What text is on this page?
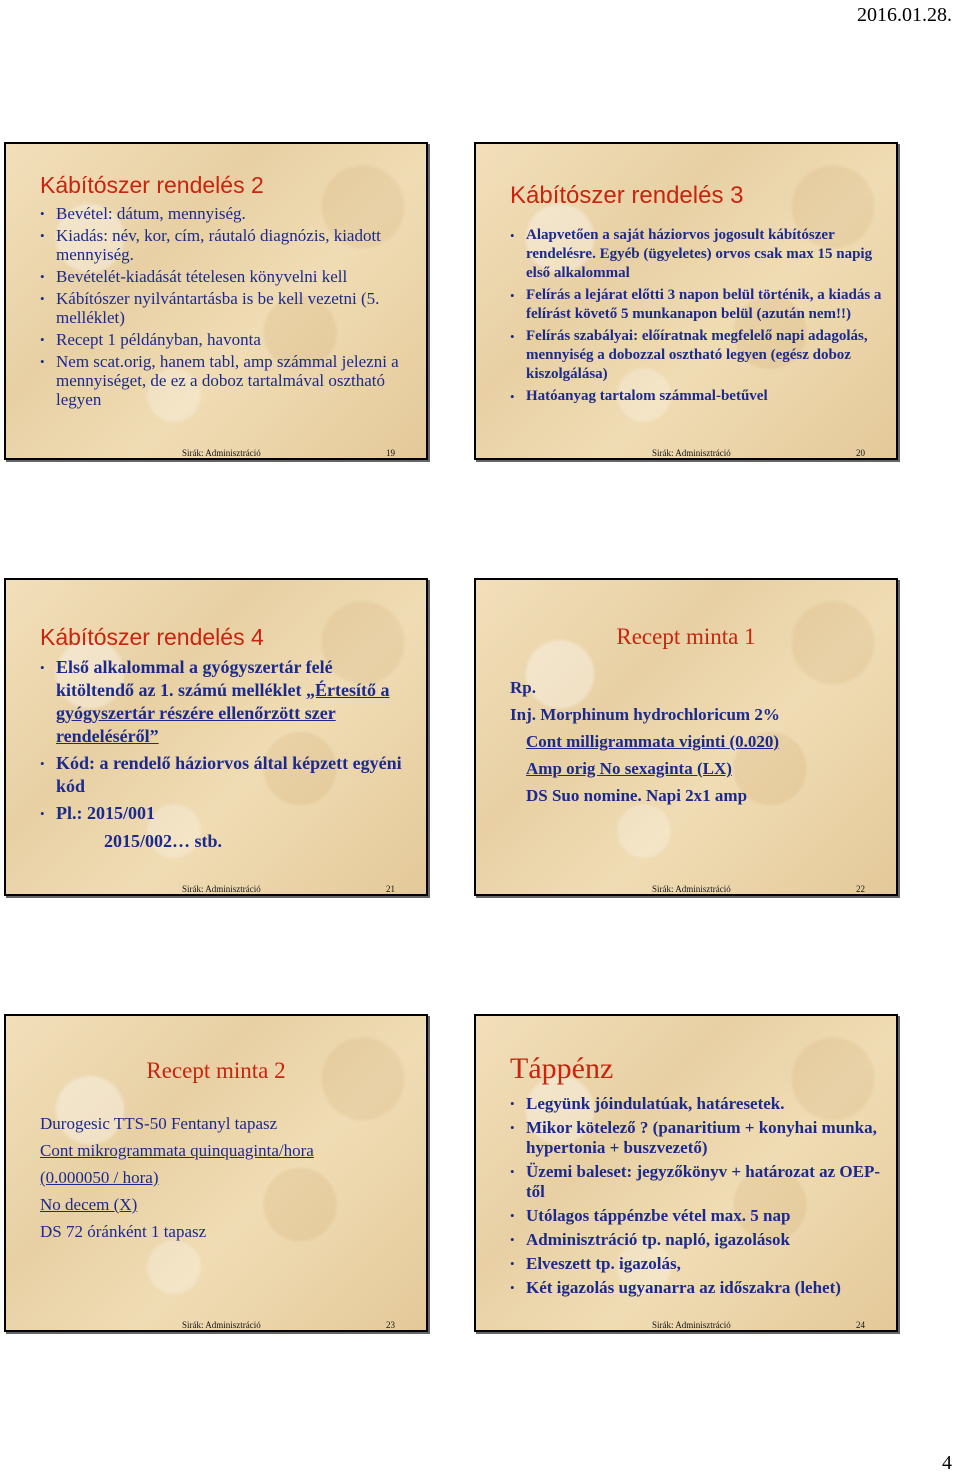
2016.01.28.
Kábítószer rendelés 2
• Bevétel: dátum, mennyiség.
• Kiadás: név, kor, cím, ráutaló diagnózis, kiadott mennyiség.
• Bevételét-kiadását tételesen könyvelni kell
• Kábítószer nyilvántartásba is be kell vezetni (5. melléklet)
• Recept 1 példányban, havonta
• Nem scat.orig, hanem tabl, amp számmal jelezni a mennyiséget, de ez a doboz tartalmával osztható legyen
Sirák: Adminisztráció	19
Kábítószer rendelés 3
• Alapvetően a saját háziorvos jogosult kábítószer rendelésre. Egyéb (ügyeletes) orvos csak max 15 napig első alkalommal
• Felírás a lejárat előtti 3 napon belül történik, a kiadás a felírást követő 5 munkanapon belül (azután nem!!)
• Felírás szabályai: előíratnak megfelelő napi adagolás, mennyiség a dobozzal osztható legyen (egész doboz kiszolgálása)
• Hatóanyag tartalom számmal-betűvel
Sirák: Adminisztráció	20
Kábítószer rendelés 4
• Első alkalommal a gyógyszertár felé kitöltendő az 1. számú melléklet „Értesítő a gyógyszertár részére ellenőrzött szer rendeléséről”
• Kód: a rendelő háziorvos által képzett egyéni kód
• Pl.: 2015/001
2015/002… stb.
Sirák: Adminisztráció	21
Recept minta 1
Rp.
Inj. Morphinum hydrochloricum 2%
Cont milligrammata viginti (0.020)
Amp orig No sexaginta (LX)
DS Suo nomine. Napi 2x1 amp
Sirák: Adminisztráció	22
Recept minta 2
Durogesic TTS-50 Fentanyl tapasz
Cont mikrogrammata quinquaginta/hora
(0.000050 / hora)
No decem (X)
DS 72 óránként 1 tapasz
Sirák: Adminisztráció	23
Táppénz
• Legyünk jóindulatúak, határesetek.
• Mikor kötelező ? (panaritium + konyhai munka, hypertonia + buszvezető)
• Üzemi baleset: jegyzőkönyv + határozat az OEP-től
• Utólagos táppénzbe vétel max. 5 nap
• Adminisztráció tp. napló, igazolások
• Elveszett tp. igazolás,
• Két igazolás ugyanarra az időszakra (lehet)
Sirák: Adminisztráció	24
4
